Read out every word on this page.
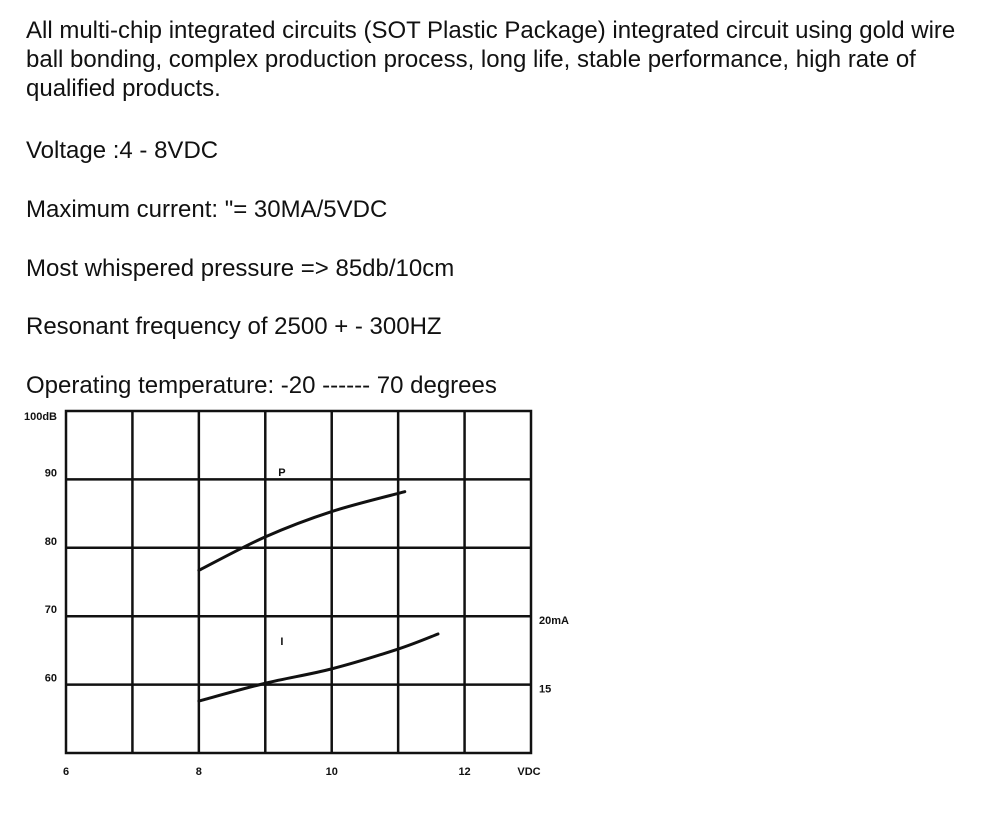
All multi-chip integrated circuits (SOT Plastic Package) integrated circuit using gold wire ball bonding, complex production process, long life, stable performance, high rate of qualified products.

Voltage :4 - 8VDC

Maximum current: "= 30MA/5VDC

Most whispered pressure => 85db/10cm

Resonant frequency of 2500 + - 300HZ

Operating temperature: -20 ------ 70 degrees

6	8	10	12	VDC
100dB
90
80
70
60
20mA
15
P
I
